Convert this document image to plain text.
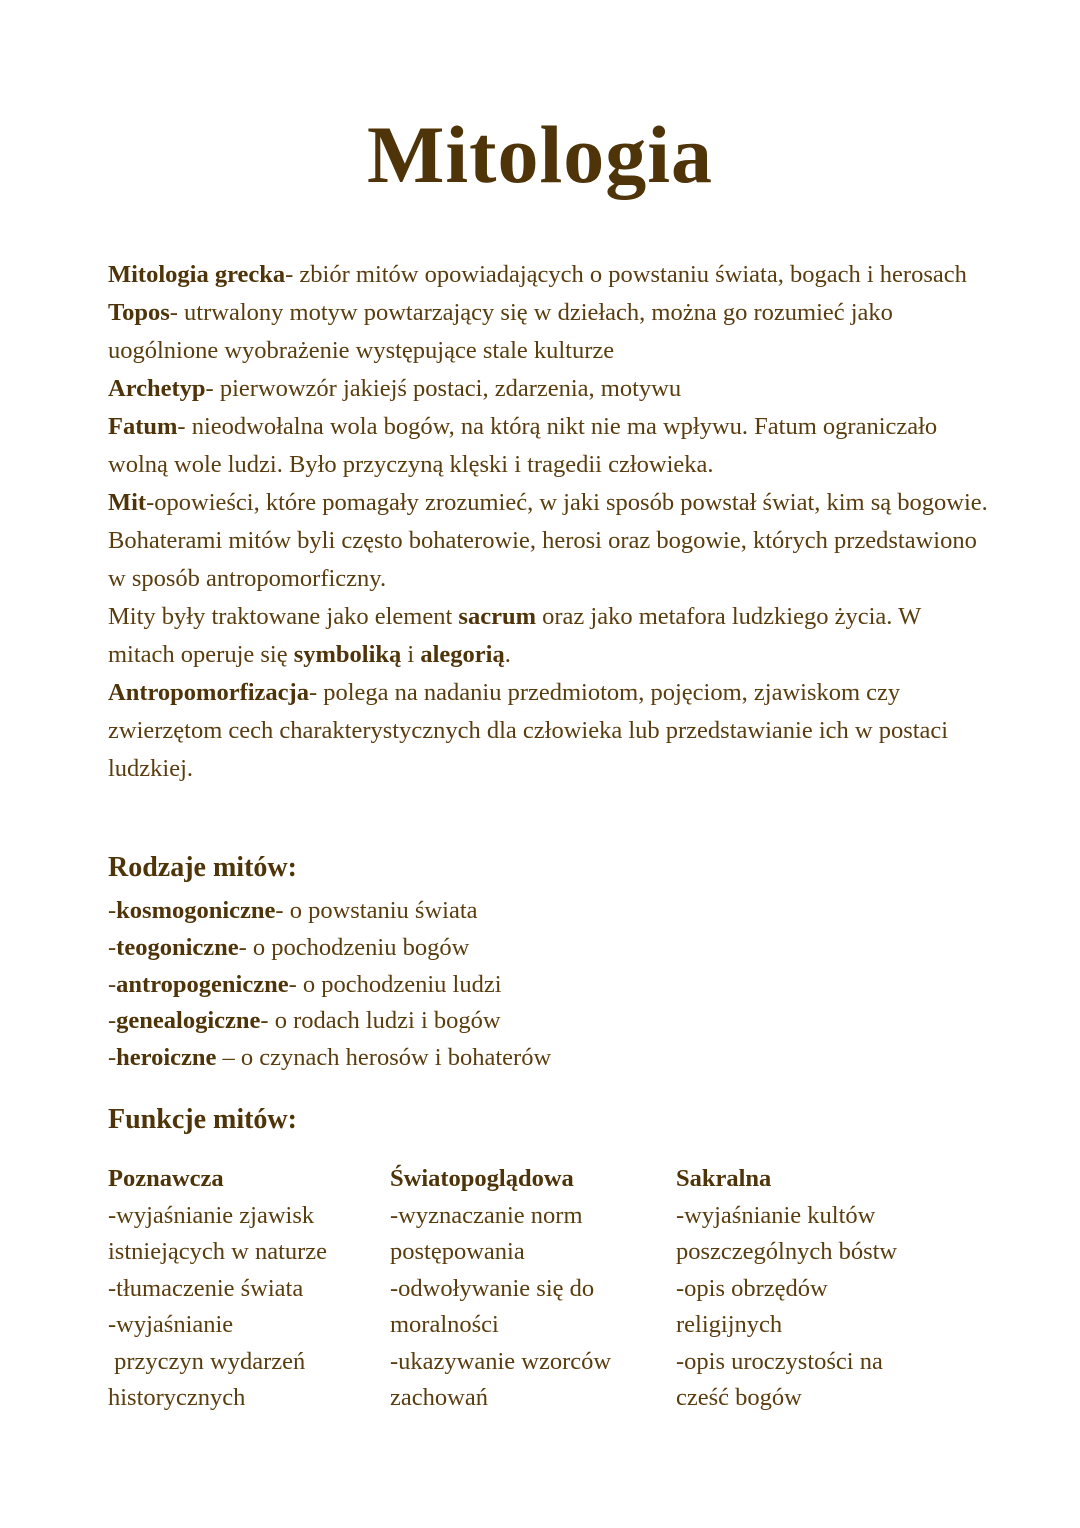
Mitologia

Mitologia grecka- zbiór mitów opowiadających o powstaniu świata, bogach i herosach

Topos- utrwalony motyw powtarzający się w dziełach, można go rozumieć jako uogólnione wyobrażenie występujące stale kulturze

Archetyp- pierwowzór jakiejś postaci, zdarzenia, motywu

Fatum- nieodwołalna wola bogów, na którą nikt nie ma wpływu. Fatum ograniczało wolną wole ludzi. Było przyczyną klęski i tragedii człowieka.

Mit-opowieści, które pomagały zrozumieć, w jaki sposób powstał świat, kim są bogowie. Bohaterami mitów byli często bohaterowie, herosi oraz bogowie, których przedstawiono w sposób antropomorficzny.

Mity były traktowane jako element sacrum oraz jako metafora ludzkiego życia. W mitach operuje się symboliką i alegorią.

Antropomorfizacja- polega na nadaniu przedmiotom, pojęciom, zjawiskom czy zwierzętom cech charakterystycznych dla człowieka lub przedstawianie ich w postaci ludzkiej.

Rodzaje mitów:
-kosmogoniczne- o powstaniu świata
-teogoniczne- o pochodzeniu bogów
-antropogeniczne- o pochodzeniu ludzi
-genealogiczne- o rodach ludzi i bogów
-heroiczne – o czynach herosów i bohaterów
Funkcje mitów:

Poznawcza

-wyjaśnianie zjawisk

istniejących w naturze

-tłumaczenie świata

-wyjaśnianie

przyczyn wydarzeń

historycznych

Światopoglądowa

-wyznaczanie norm

postępowania

-odwoływanie się do

moralności

-ukazywanie wzorców

zachowań

Sakralna

-wyjaśnianie kultów

poszczególnych bóstw

-opis obrzędów

religijnych

-opis uroczystości na

cześć bogów
